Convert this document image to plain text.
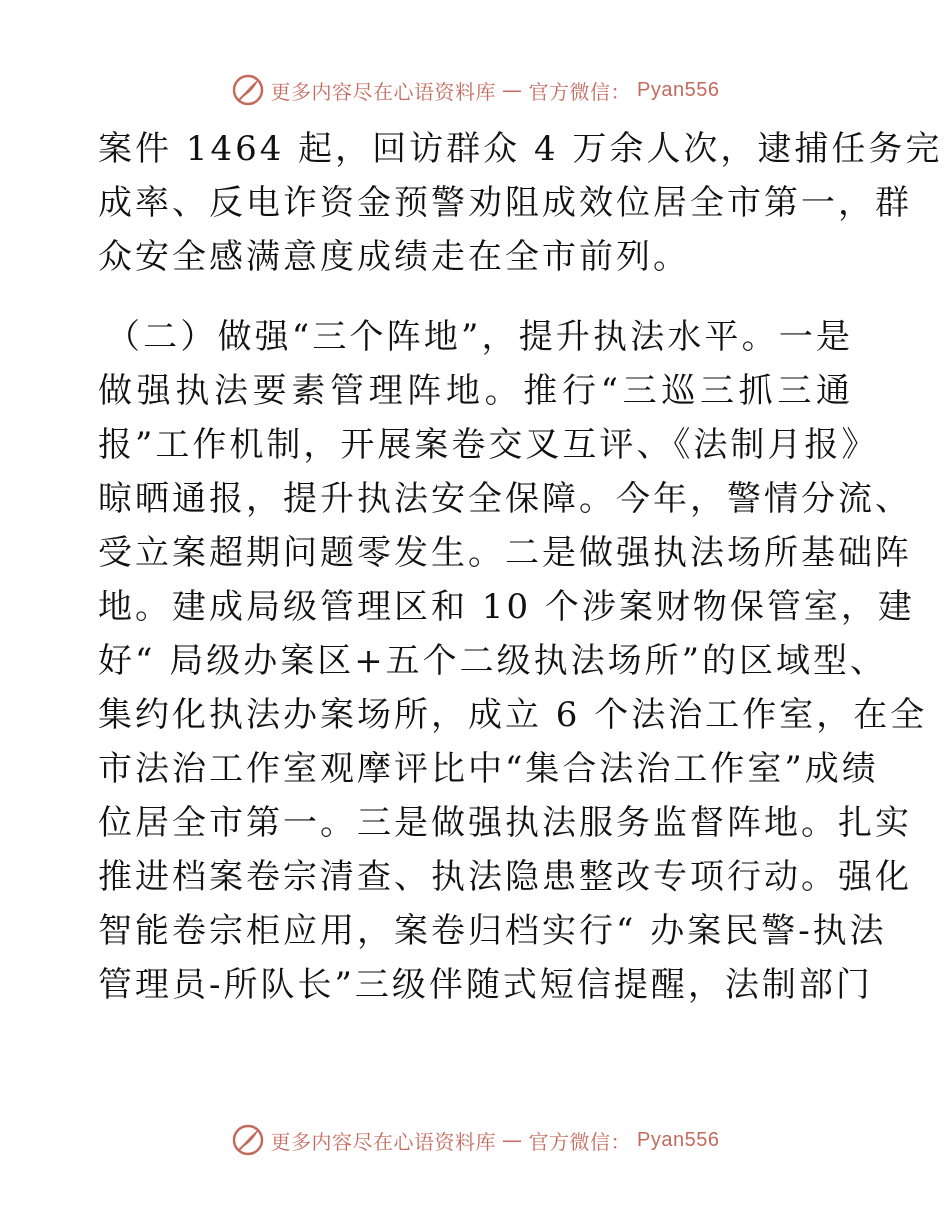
更多内容尽在心语资料库 — 官方微信： Pyan556
案件 1464 起，回访群众 4 万余人次，逮捕任务完
成率、反电诈资金预警劝阻成效位居全市第一，群
众安全感满意度成绩走在全市前列。
（二）做强“三个阵地”，提升执法水平。一是
做强执法要素管理阵地。推行“三巡三抓三通
报”工作机制，开展案卷交叉互评、《法制月报》
晾晒通报，提升执法安全保障。今年，警情分流、
受立案超期问题零发生。二是做强执法场所基础阵
地。建成局级管理区和 10 个涉案财物保管室，建
好“ 局级办案区+五个二级执法场所”的区域型、
集约化执法办案场所，成立 6 个法治工作室，在全
市法治工作室观摩评比中“集合法治工作室”成绩
位居全市第一。三是做强执法服务监督阵地。扎实
推进档案卷宗清查、执法隐患整改专项行动。强化
智能卷宗柜应用，案卷归档实行“ 办案民警-执法
管理员-所队长”三级伴随式短信提醒，法制部门
更多内容尽在心语资料库 — 官方微信： Pyan556
